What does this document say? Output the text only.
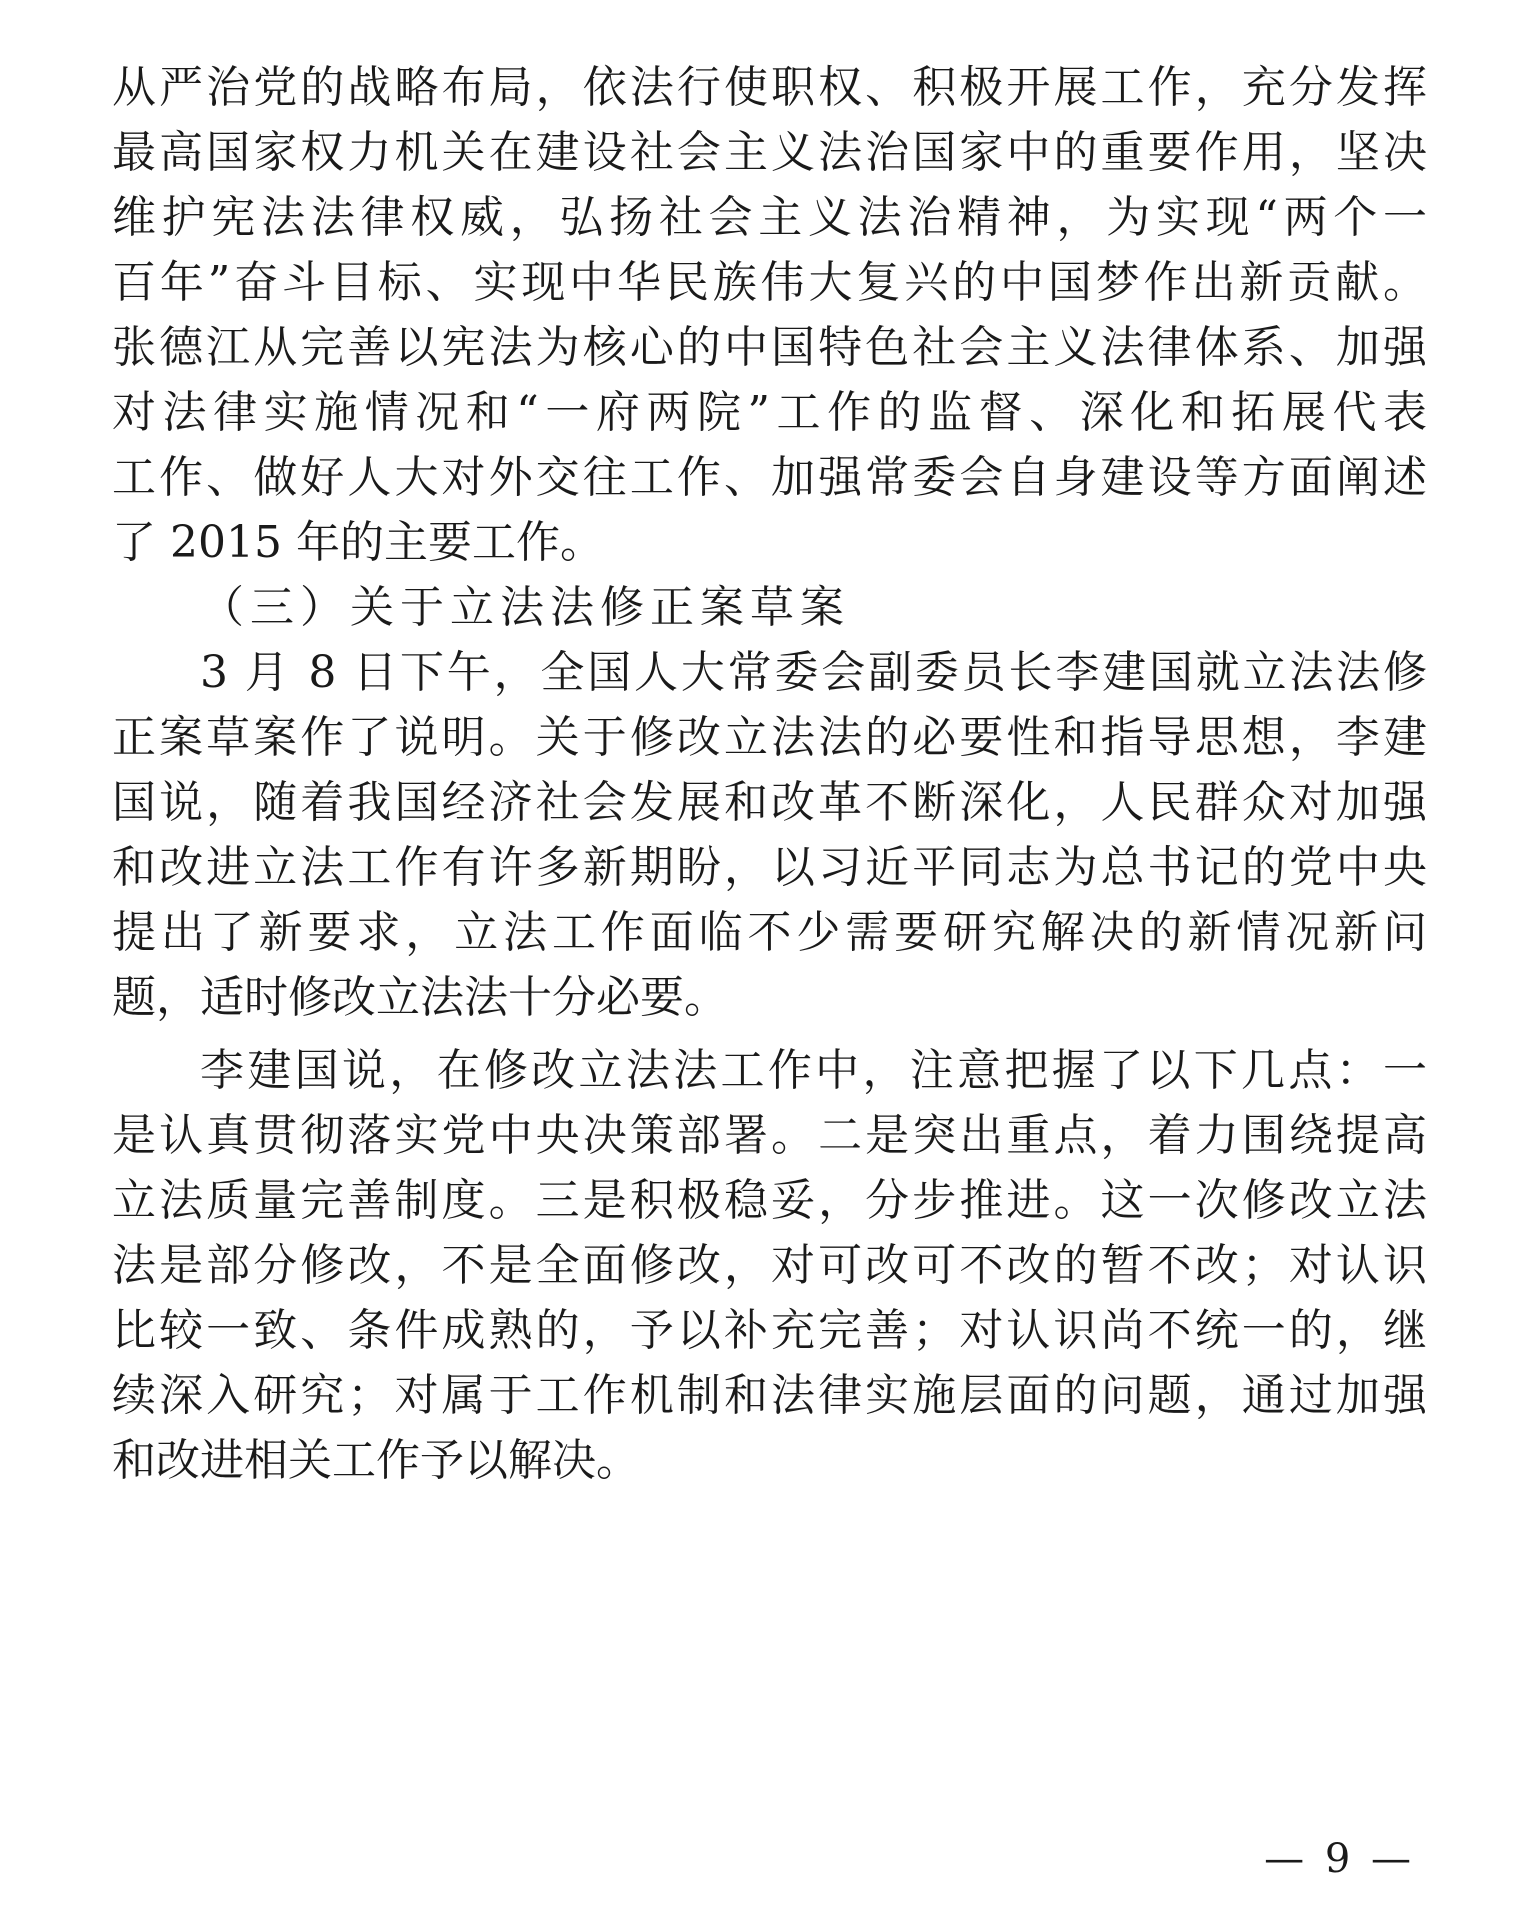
从严治党的战略布局，依法行使职权、积极开展工作，充分发挥
最高国家权力机关在建设社会主义法治国家中的重要作用，坚决
维护宪法法律权威，弘扬社会主义法治精神，为实现“两个一
百年”奋斗目标、实现中华民族伟大复兴的中国梦作出新贡献。
张德江从完善以宪法为核心的中国特色社会主义法律体系、加强
对法律实施情况和“一府两院”工作的监督、深化和拓展代表
工作、做好人大对外交往工作、加强常委会自身建设等方面阐述
了 2015 年的主要工作。
（三）关于立法法修正案草案
3 月 8 日下午，全国人大常委会副委员长李建国就立法法修
正案草案作了说明。关于修改立法法的必要性和指导思想，李建
国说，随着我国经济社会发展和改革不断深化，人民群众对加强
和改进立法工作有许多新期盼，以习近平同志为总书记的党中央
提出了新要求，立法工作面临不少需要研究解决的新情况新问
题，适时修改立法法十分必要。
李建国说，在修改立法法工作中，注意把握了以下几点：一
是认真贯彻落实党中央决策部署。二是突出重点，着力围绕提高
立法质量完善制度。三是积极稳妥，分步推进。这一次修改立法
法是部分修改，不是全面修改，对可改可不改的暂不改；对认识
比较一致、条件成熟的，予以补充完善；对认识尚不统一的，继
续深入研究；对属于工作机制和法律实施层面的问题，通过加强
和改进相关工作予以解决。
— 9 —
